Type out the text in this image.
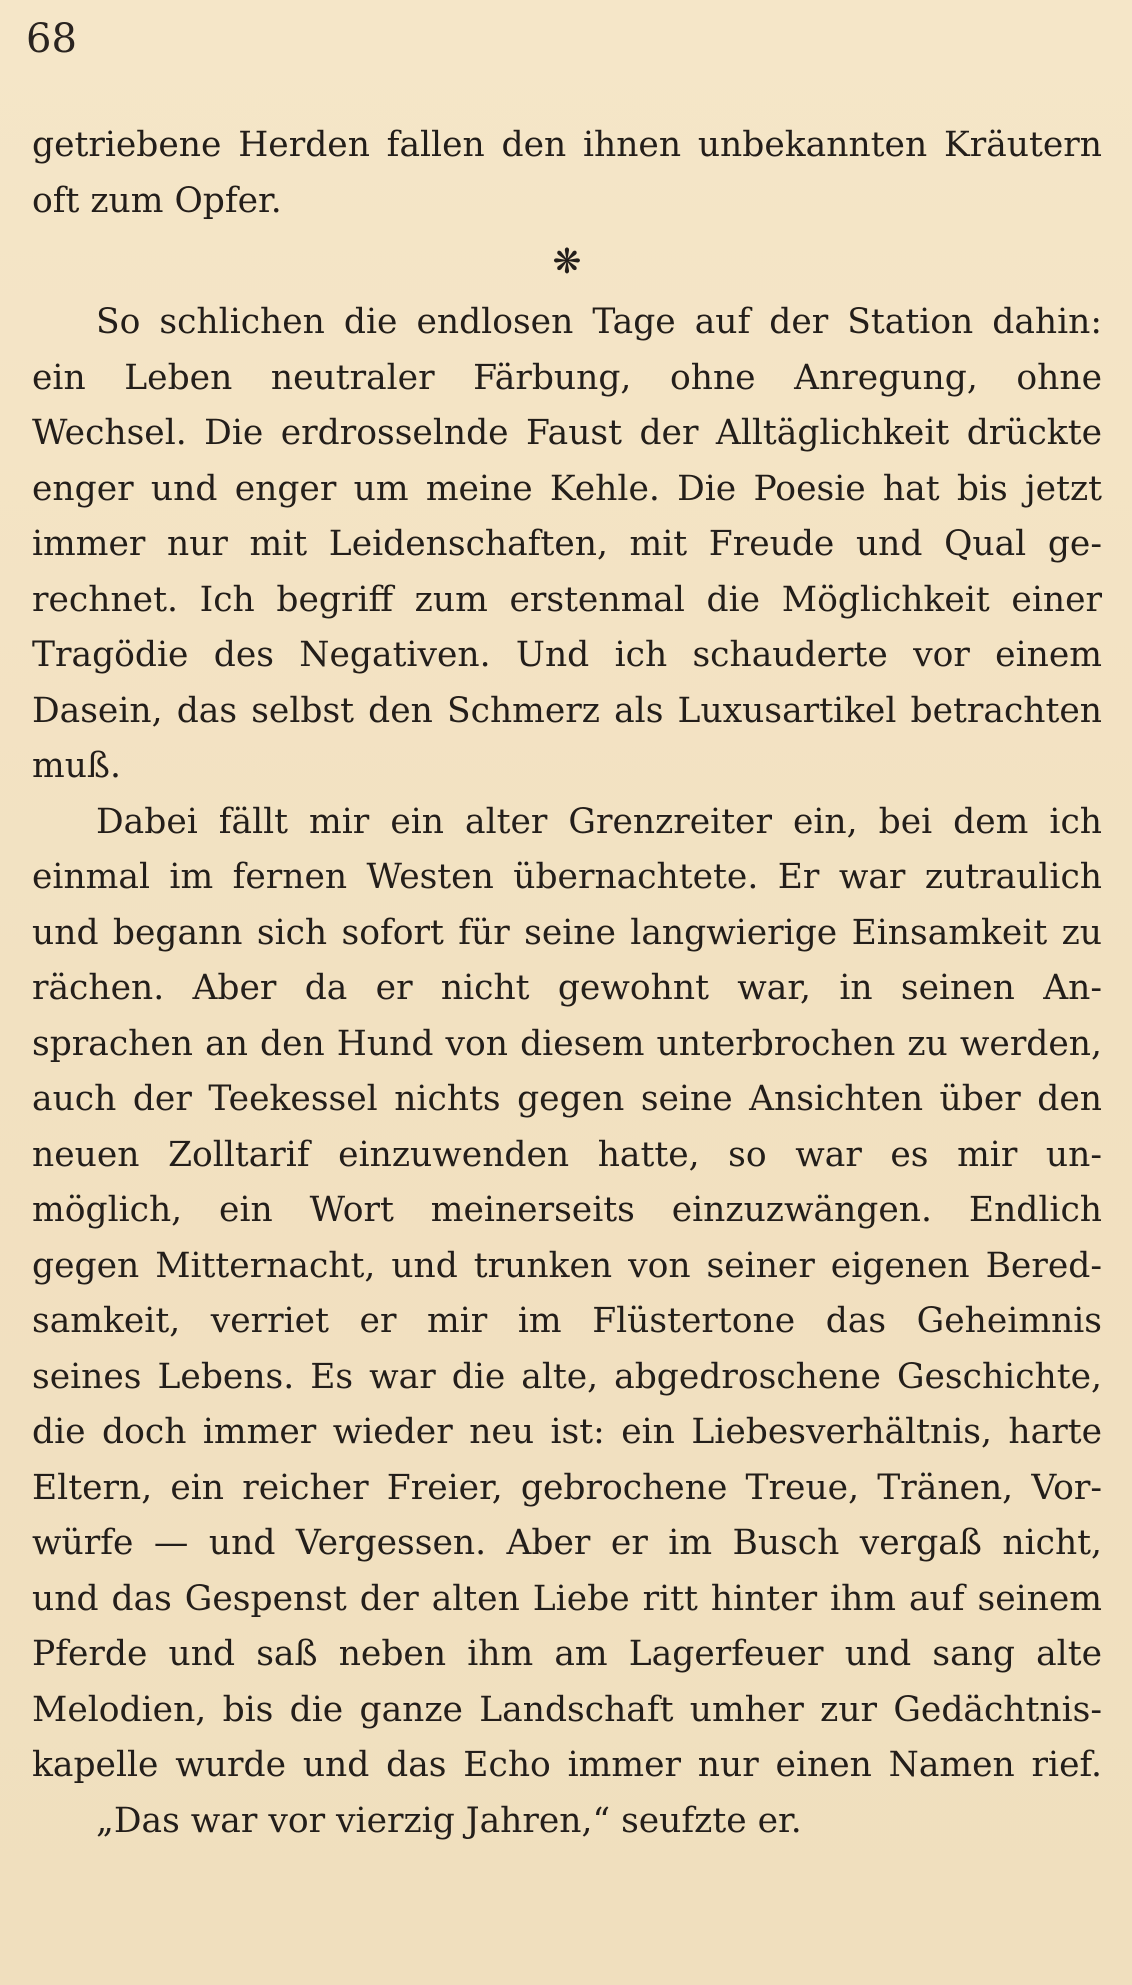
68
getriebene Herden fallen den ihnen unbekannten Kräutern
oft zum Opfer.
❋
So schlichen die endlosen Tage auf der Station dahin:
ein Leben neutraler Färbung, ohne Anregung, ohne
Wechsel. Die erdrosselnde Faust der Alltäglichkeit drückte
enger und enger um meine Kehle. Die Poesie hat bis jetzt
immer nur mit Leidenschaften, mit Freude und Qual ge-
rechnet. Ich begriff zum erstenmal die Möglichkeit einer
Tragödie des Negativen. Und ich schauderte vor einem
Dasein, das selbst den Schmerz als Luxusartikel betrachten
muß.
Dabei fällt mir ein alter Grenzreiter ein, bei dem ich
einmal im fernen Westen übernachtete. Er war zutraulich
und begann sich sofort für seine langwierige Einsamkeit zu
rächen. Aber da er nicht gewohnt war, in seinen An-
sprachen an den Hund von diesem unterbrochen zu werden,
auch der Teekessel nichts gegen seine Ansichten über den
neuen Zolltarif einzuwenden hatte, so war es mir un-
möglich, ein Wort meinerseits einzuzwängen. Endlich
gegen Mitternacht, und trunken von seiner eigenen Bered-
samkeit, verriet er mir im Flüstertone das Geheimnis
seines Lebens. Es war die alte, abgedroschene Geschichte,
die doch immer wieder neu ist: ein Liebesverhältnis, harte
Eltern, ein reicher Freier, gebrochene Treue, Tränen, Vor-
würfe — und Vergessen. Aber er im Busch vergaß nicht,
und das Gespenst der alten Liebe ritt hinter ihm auf seinem
Pferde und saß neben ihm am Lagerfeuer und sang alte
Melodien, bis die ganze Landschaft umher zur Gedächtnis-
kapelle wurde und das Echo immer nur einen Namen rief.
„Das war vor vierzig Jahren,“ seufzte er.
